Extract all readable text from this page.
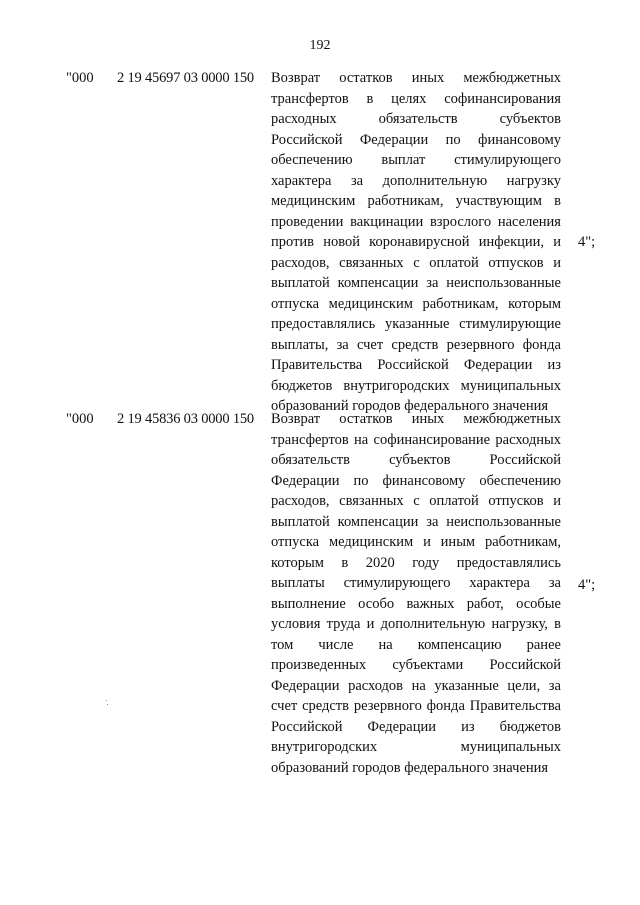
192
"000 2 19 45697 03 0000 150 Возврат остатков иных межбюджетных
трансфертов в целях софинансирования
расходных	обязательств	субъектов
Российской Федерации по финансовому
обеспечению выплат стимулирующего
характера за дополнительную нагрузку
медицинским работникам, участвующим в
проведении вакцинации взрослого населения
против новой коронавирусной инфекции, и
расходов, связанных с оплатой отпусков и
выплатой компенсации за неиспользованные
отпуска медицинским работникам, которым
предоставлялись указанные стимулирующие
выплаты, за счет средств резервного фонда
Правительства Российской Федерации из
бюджетов внутригородских муниципальных
образований городов федерального значения
4";
"000 2 19 45836 03 0000 150 Возврат остатков иных межбюджетных
трансфертов на софинансирование расходных
обязательств	субъектов	Российской
Федерации по финансовому обеспечению
расходов, связанных с оплатой отпусков и
выплатой компенсации за неиспользованные
отпуска медицинским и иным работникам,
которым в 2020 году предоставлялись
выплаты стимулирующего характера за
выполнение особо важных работ, особые
условия труда и дополнительную нагрузку, в
том числе на компенсацию ранее
произведенных субъектами Российской
Федерации расходов на указанные цели, за
счет средств резервного фонда Правительства
Российской Федерации из бюджетов
внутригородских	муниципальных
образований городов федерального значения
4";
